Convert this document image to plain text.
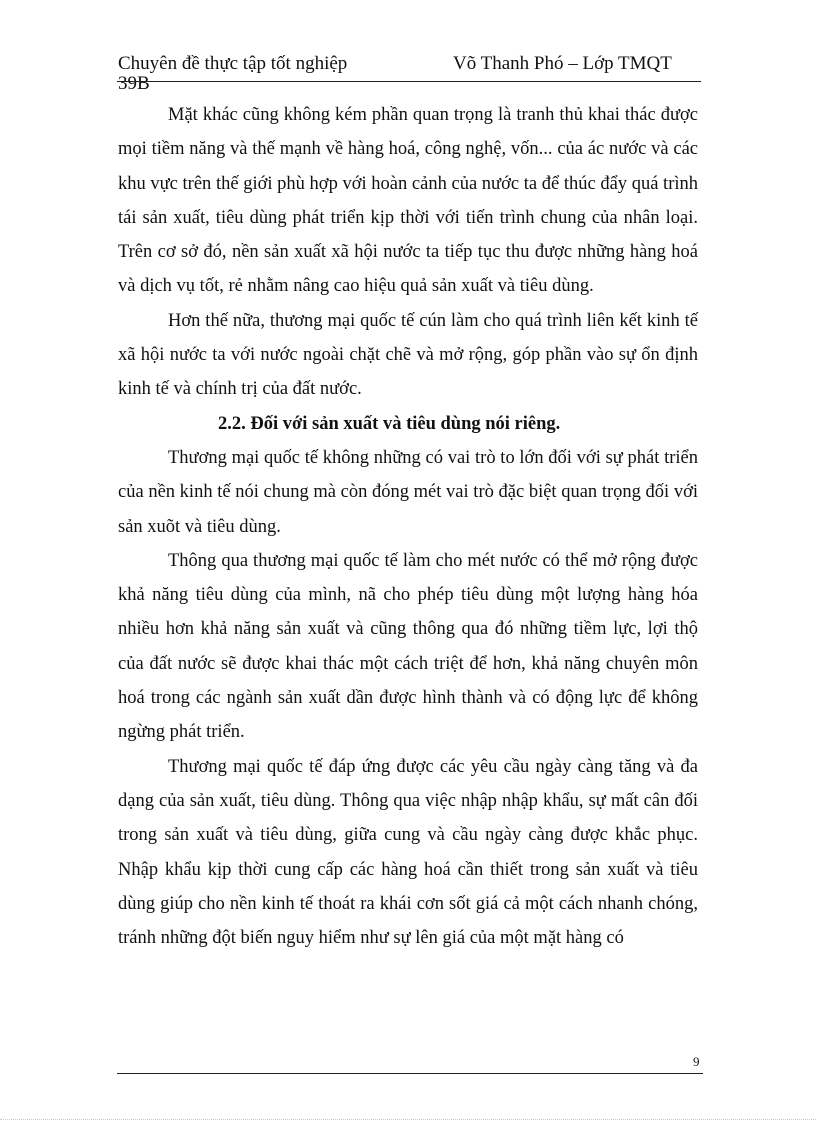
Chuyên đề thực tập tốt nghiệp
39B
Võ Thanh Phó – Lớp TMQT

Mặt khác cũng không kém phần quan trọng là tranh thủ khai thác được mọi tiềm năng và thế mạnh về hàng hoá, công nghệ, vốn... của ác nước và các khu vực trên thế giới phù hợp với hoàn cảnh của nước ta để thúc đẩy quá trình tái sản xuất, tiêu dùng phát triển kịp thời với tiến trình chung của nhân loại. Trên cơ sở đó, nền sản xuất xã hội nước ta tiếp tục thu được những hàng hoá và dịch vụ tốt, rẻ nhằm nâng cao hiệu quả sản xuất và tiêu dùng.

Hơn thế nữa, thương mại quốc tế cún làm cho quá trình liên kết kinh tế xã hội nước ta với nước ngoài chặt chẽ và mở rộng, góp phần vào sự ổn định kinh tế và chính trị của đất nước.

2.2. Đối với sản xuất và tiêu dùng nói riêng.

Thương mại quốc tế không những có vai trò to lớn đối với sự phát triển của nền kinh tế nói chung mà còn đóng mét vai trò đặc biệt quan trọng đối với sản xuõt và tiêu dùng.

Thông qua thương mại quốc tế làm cho mét nước có thể mở rộng được khả năng tiêu dùng của mình, nã cho phép tiêu dùng một lượng hàng hóa nhiều hơn khả năng sản xuất và cũng thông qua đó những tiềm lực, lợi thộ của đất nước sẽ được khai thác một cách triệt để hơn, khả năng chuyên môn hoá trong các ngành sản xuất dần được hình thành và có động lực để không ngừng phát triển.

Thương mại quốc tế đáp ứng được các yêu cầu ngày càng tăng và đa dạng của sản xuất, tiêu dùng. Thông qua việc nhập nhập khẩu, sự mất cân đối trong sản xuất và tiêu dùng, giữa cung và cầu ngày càng được khắc phục. Nhập khẩu kịp thời cung cấp các hàng hoá cần thiết trong sản xuất và tiêu dùng giúp cho nền kinh tế thoát ra khái cơn sốt giá cả một cách nhanh chóng, tránh những đột biến nguy hiểm như sự lên giá của một mặt hàng có

9
